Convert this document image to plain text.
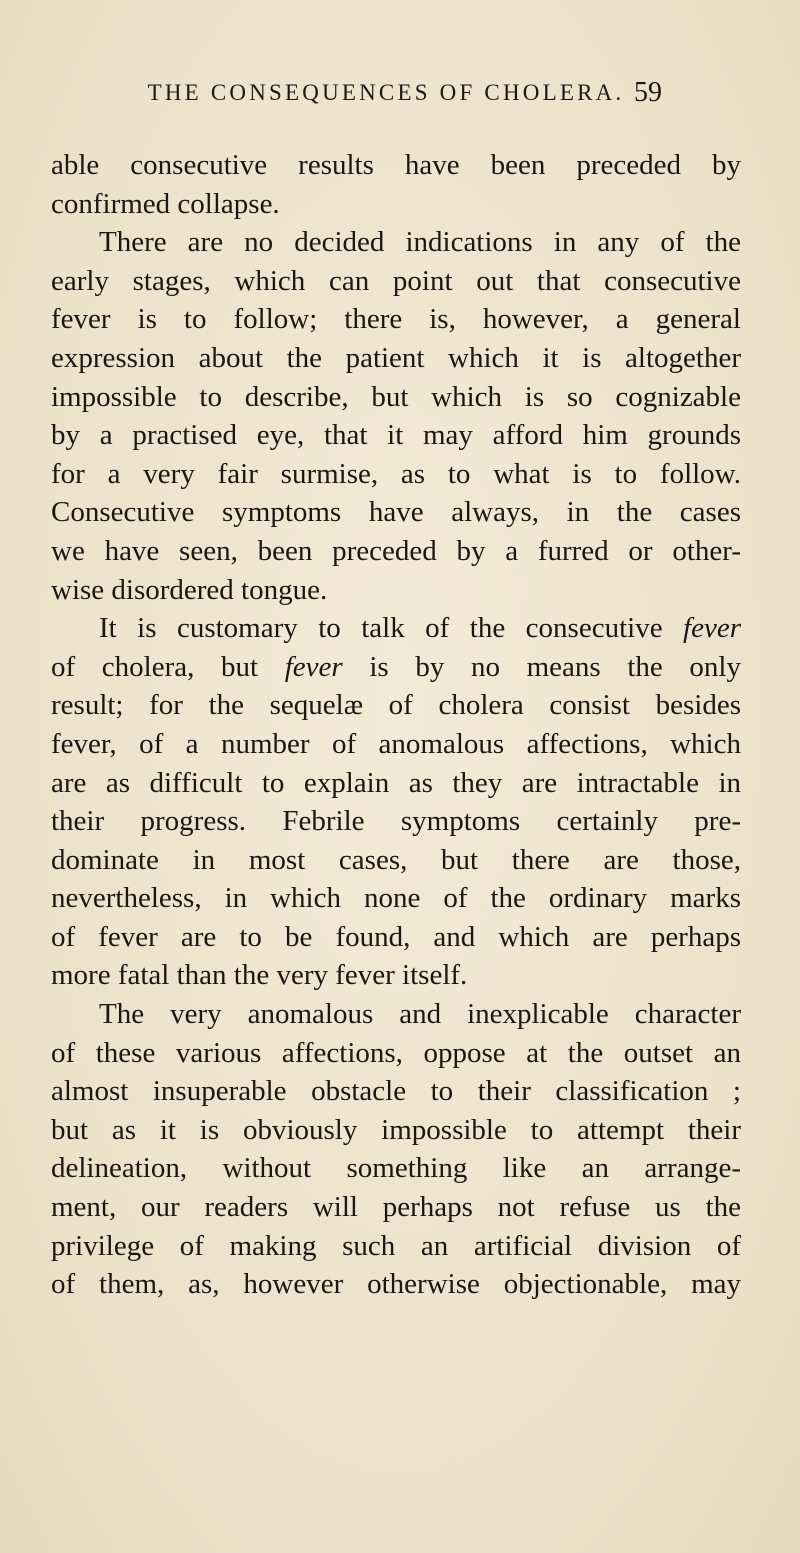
THE CONSEQUENCES OF CHOLERA. 59
able consecutive results have been preceded by
confirmed collapse.
There are no decided indications in any of the
early stages, which can point out that consecutive
fever is to follow; there is, however, a general
expression about the patient which it is altogether
impossible to describe, but which is so cognizable
by a practised eye, that it may afford him grounds
for a very fair surmise, as to what is to follow.
Consecutive symptoms have always, in the cases
we have seen, been preceded by a furred or other-
wise disordered tongue.
It is customary to talk of the consecutive fever
of cholera, but fever is by no means the only
result; for the sequelæ of cholera consist besides
fever, of a number of anomalous affections, which
are as difficult to explain as they are intractable in
their progress. Febrile symptoms certainly pre-
dominate in most cases, but there are those,
nevertheless, in which none of the ordinary marks
of fever are to be found, and which are perhaps
more fatal than the very fever itself.
The very anomalous and inexplicable character
of these various affections, oppose at the outset an
almost insuperable obstacle to their classification ;
but as it is obviously impossible to attempt their
delineation, without something like an arrange-
ment, our readers will perhaps not refuse us the
privilege of making such an artificial division of
of them, as, however otherwise objectionable, may
